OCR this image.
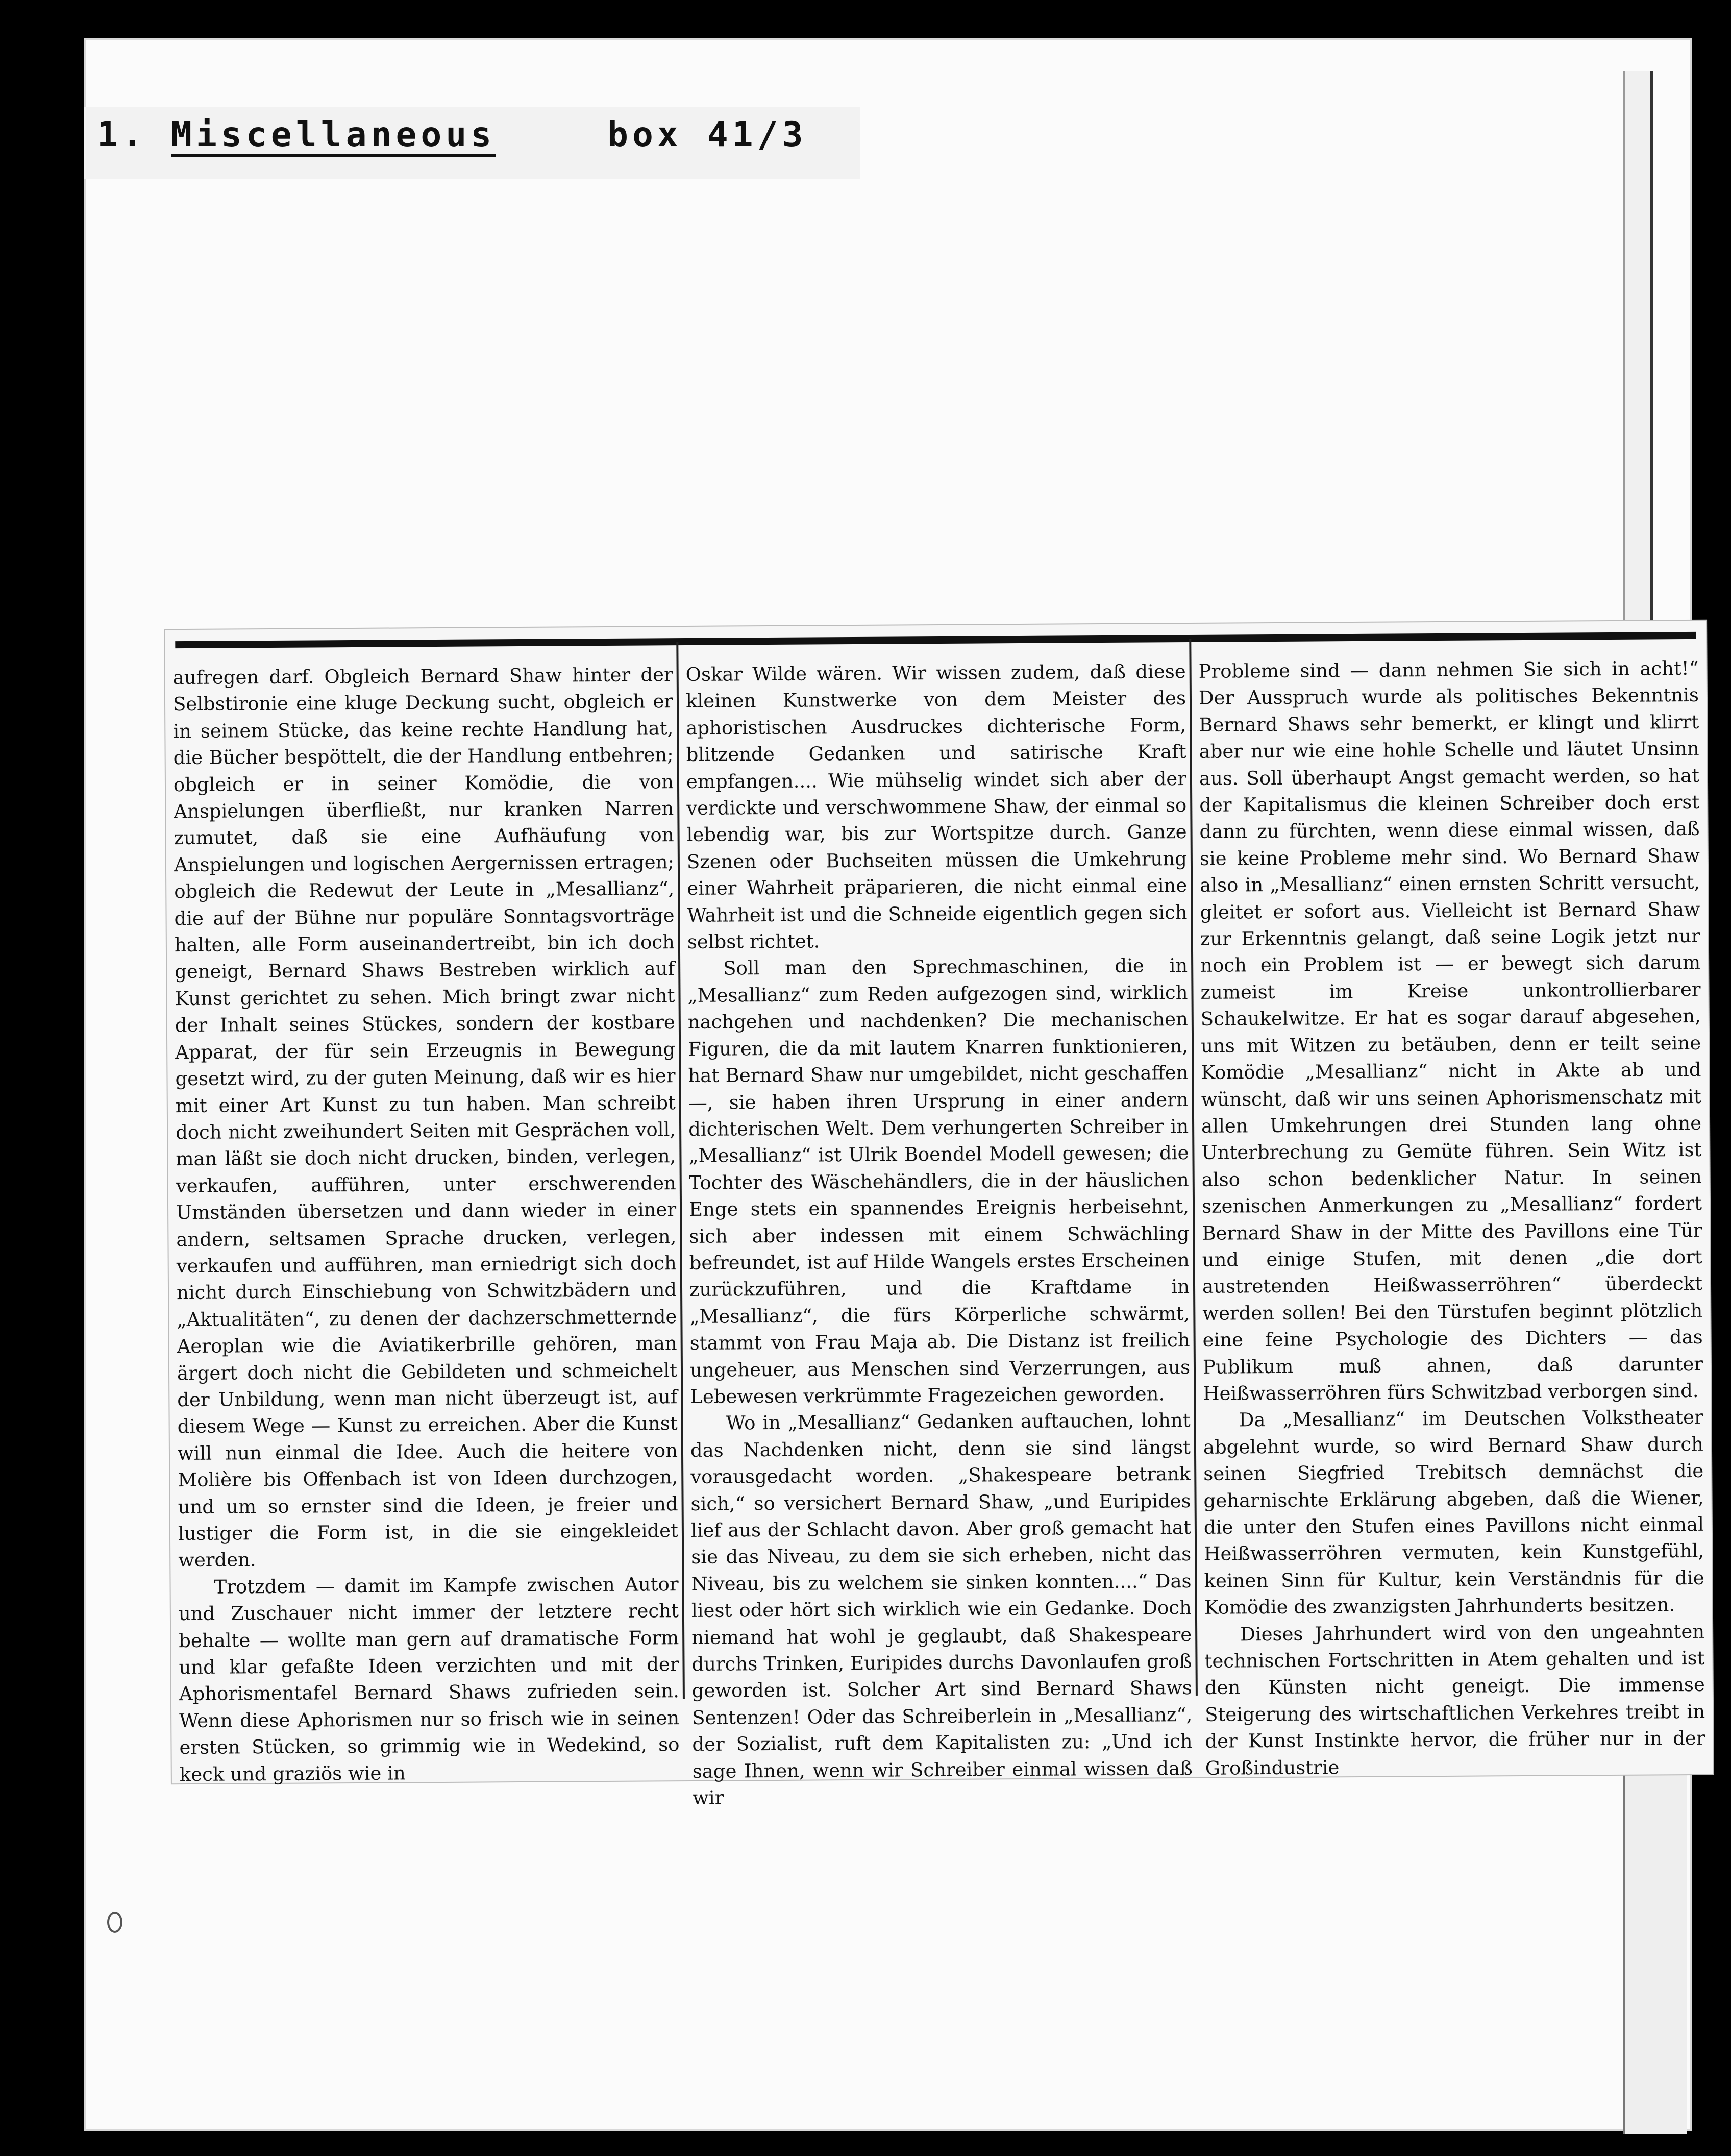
1. Miscellaneous	box 41/3

aufregen darf. Obgleich Bernard Shaw hinter der Selbstironie eine kluge Deckung sucht, obgleich er in seinem Stücke, das keine rechte Handlung hat, die Bücher bespöttelt, die der Handlung entbehren; obgleich er in seiner Komödie, die von Anspielungen überfließt, nur kranken Narren zumutet, daß sie eine Aufhäufung von Anspielungen und logischen Aergernissen ertragen; obgleich die Redewut der Leute in „Mesallianz“, die auf der Bühne nur populäre Sonntagsvorträge halten, alle Form auseinandertreibt, bin ich doch geneigt, Bernard Shaws Bestreben wirklich auf Kunst gerichtet zu sehen. Mich bringt zwar nicht der Inhalt seines Stückes, sondern der kostbare Apparat, der für sein Erzeugnis in Bewegung gesetzt wird, zu der guten Meinung, daß wir es hier mit einer Art Kunst zu tun haben. Man schreibt doch nicht zweihundert Seiten mit Gesprächen voll, man läßt sie doch nicht drucken, binden, verlegen, verkaufen, aufführen, unter erschwerenden Umständen übersetzen und dann wieder in einer andern, seltsamen Sprache drucken, verlegen, verkaufen und aufführen, man erniedrigt sich doch nicht durch Einschiebung von Schwitzbädern und „Aktualitäten“, zu denen der dachzerschmetternde Aeroplan wie die Aviatikerbrille gehören, man ärgert doch nicht die Gebildeten und schmeichelt der Unbildung, wenn man nicht überzeugt ist, auf diesem Wege — Kunst zu erreichen. Aber die Kunst will nun einmal die Idee. Auch die heitere von Molière bis Offenbach ist von Ideen durchzogen, und um so ernster sind die Ideen, je freier und lustiger die Form ist, in die sie eingekleidet werden.

Trotzdem — damit im Kampfe zwischen Autor und Zuschauer nicht immer der letztere recht behalte — wollte man gern auf dramatische Form und klar gefaßte Ideen verzichten und mit der Aphorismentafel Bernard Shaws zufrieden sein. Wenn diese Aphorismen nur so frisch wie in seinen ersten Stücken, so grimmig wie in Wedekind, so keck und graziös wie in

Oskar Wilde wären. Wir wissen zudem, daß diese kleinen Kunstwerke von dem Meister des aphoristischen Ausdruckes dichterische Form, blitzende Gedanken und satirische Kraft empfangen.... Wie mühselig windet sich aber der verdickte und verschwommene Shaw, der einmal so lebendig war, bis zur Wortspitze durch. Ganze Szenen oder Buchseiten müssen die Umkehrung einer Wahrheit präparieren, die nicht einmal eine Wahrheit ist und die Schneide eigentlich gegen sich selbst richtet.

Soll man den Sprechmaschinen, die in „Mesallianz“ zum Reden aufgezogen sind, wirklich nachgehen und nachdenken? Die mechanischen Figuren, die da mit lautem Knarren funktionieren, hat Bernard Shaw nur umgebildet, nicht geschaffen —, sie haben ihren Ursprung in einer andern dichterischen Welt. Dem verhungerten Schreiber in „Mesallianz“ ist Ulrik Boendel Modell gewesen; die Tochter des Wäschehändlers, die in der häuslichen Enge stets ein spannendes Ereignis herbeisehnt, sich aber indessen mit einem Schwächling befreundet, ist auf Hilde Wangels erstes Erscheinen zurückzuführen, und die Kraftdame in „Mesallianz“, die fürs Körperliche schwärmt, stammt von Frau Maja ab. Die Distanz ist freilich ungeheuer, aus Menschen sind Verzerrungen, aus Lebewesen verkrümmte Fragezeichen geworden.

Wo in „Mesallianz“ Gedanken auftauchen, lohnt das Nachdenken nicht, denn sie sind längst vorausgedacht worden. „Shakespeare betrank sich,“ so versichert Bernard Shaw, „und Euripides lief aus der Schlacht davon. Aber groß gemacht hat sie das Niveau, zu dem sie sich erheben, nicht das Niveau, bis zu welchem sie sinken konnten....“ Das liest oder hört sich wirklich wie ein Gedanke. Doch niemand hat wohl je geglaubt, daß Shakespeare durchs Trinken, Euripides durchs Davonlaufen groß geworden ist. Solcher Art sind Bernard Shaws Sentenzen! Oder das Schreiberlein in „Mesallianz“, der Sozialist, ruft dem Kapitalisten zu: „Und ich sage Ihnen, wenn wir Schreiber einmal wissen daß wir

Probleme sind — dann nehmen Sie sich in acht!“ Der Ausspruch wurde als politisches Bekenntnis Bernard Shaws sehr bemerkt, er klingt und klirrt aber nur wie eine hohle Schelle und läutet Unsinn aus. Soll überhaupt Angst gemacht werden, so hat der Kapitalismus die kleinen Schreiber doch erst dann zu fürchten, wenn diese einmal wissen, daß sie keine Probleme mehr sind. Wo Bernard Shaw also in „Mesallianz“ einen ernsten Schritt versucht, gleitet er sofort aus. Vielleicht ist Bernard Shaw zur Erkenntnis gelangt, daß seine Logik jetzt nur noch ein Problem ist — er bewegt sich darum zumeist im Kreise unkontrollierbarer Schaukelwitze. Er hat es sogar darauf abgesehen, uns mit Witzen zu betäuben, denn er teilt seine Komödie „Mesallianz“ nicht in Akte ab und wünscht, daß wir uns seinen Aphorismenschatz mit allen Umkehrungen drei Stunden lang ohne Unterbrechung zu Gemüte führen. Sein Witz ist also schon bedenklicher Natur. In seinen szenischen Anmerkungen zu „Mesallianz“ fordert Bernard Shaw in der Mitte des Pavillons eine Tür und einige Stufen, mit denen „die dort austretenden Heißwasserröhren“ überdeckt werden sollen! Bei den Türstufen beginnt plötzlich eine feine Psychologie des Dichters — das Publikum muß ahnen, daß darunter Heißwasserröhren fürs Schwitzbad verborgen sind.

Da „Mesallianz“ im Deutschen Volkstheater abgelehnt wurde, so wird Bernard Shaw durch seinen Siegfried Trebitsch demnächst die geharnischte Erklärung abgeben, daß die Wiener, die unter den Stufen eines Pavillons nicht einmal Heißwasserröhren vermuten, kein Kunstgefühl, keinen Sinn für Kultur, kein Verständnis für die Komödie des zwanzigsten Jahrhunderts besitzen.

Dieses Jahrhundert wird von den ungeahnten technischen Fortschritten in Atem gehalten und ist den Künsten nicht geneigt. Die immense Steigerung des wirtschaftlichen Verkehres treibt in der Kunst Instinkte hervor, die früher nur in der Großindustrie
